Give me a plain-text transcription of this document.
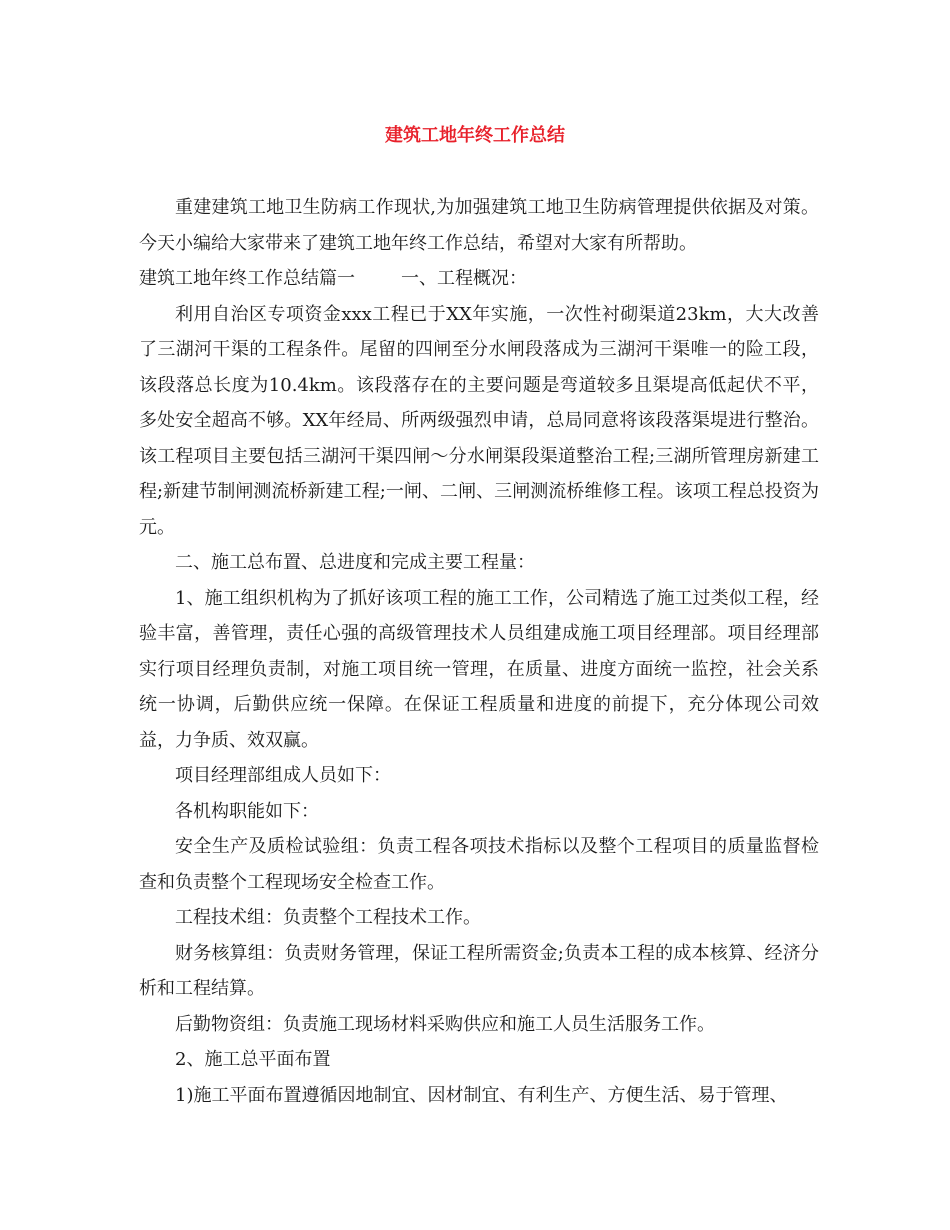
建筑工地年终工作总结

重建建筑工地卫生防病工作现状,为加强建筑工地卫生防病管理提供依据及对策。今天小编给大家带来了建筑工地年终工作总结，希望对大家有所帮助。

建筑工地年终工作总结篇一	一、工程概况：

利用自治区专项资金xxx工程已于XX年实施，一次性衬砌渠道23km，大大改善了三湖河干渠的工程条件。尾留的四闸至分水闸段落成为三湖河干渠唯一的险工段，该段落总长度为10.4km。该段落存在的主要问题是弯道较多且渠堤高低起伏不平，多处安全超高不够。XX年经局、所两级强烈申请，总局同意将该段落渠堤进行整治。该工程项目主要包括三湖河干渠四闸～分水闸渠段渠道整治工程;三湖所管理房新建工程;新建节制闸测流桥新建工程;一闸、二闸、三闸测流桥维修工程。该项工程总投资为 元。

二、施工总布置、总进度和完成主要工程量：

1、施工组织机构为了抓好该项工程的施工工作，公司精选了施工过类似工程，经验丰富，善管理，责任心强的高级管理技术人员组建成施工项目经理部。项目经理部实行项目经理负责制，对施工项目统一管理，在质量、进度方面统一监控，社会关系统一协调，后勤供应统一保障。在保证工程质量和进度的前提下，充分体现公司效益，力争质、效双赢。

项目经理部组成人员如下：

各机构职能如下：

安全生产及质检试验组：负责工程各项技术指标以及整个工程项目的质量监督检查和负责整个工程现场安全检查工作。

工程技术组：负责整个工程技术工作。

财务核算组：负责财务管理，保证工程所需资金;负责本工程的成本核算、经济分析和工程结算。

后勤物资组：负责施工现场材料采购供应和施工人员生活服务工作。

2、施工总平面布置

1)施工平面布置遵循因地制宜、因材制宜、有利生产、方便生活、易于管理、
